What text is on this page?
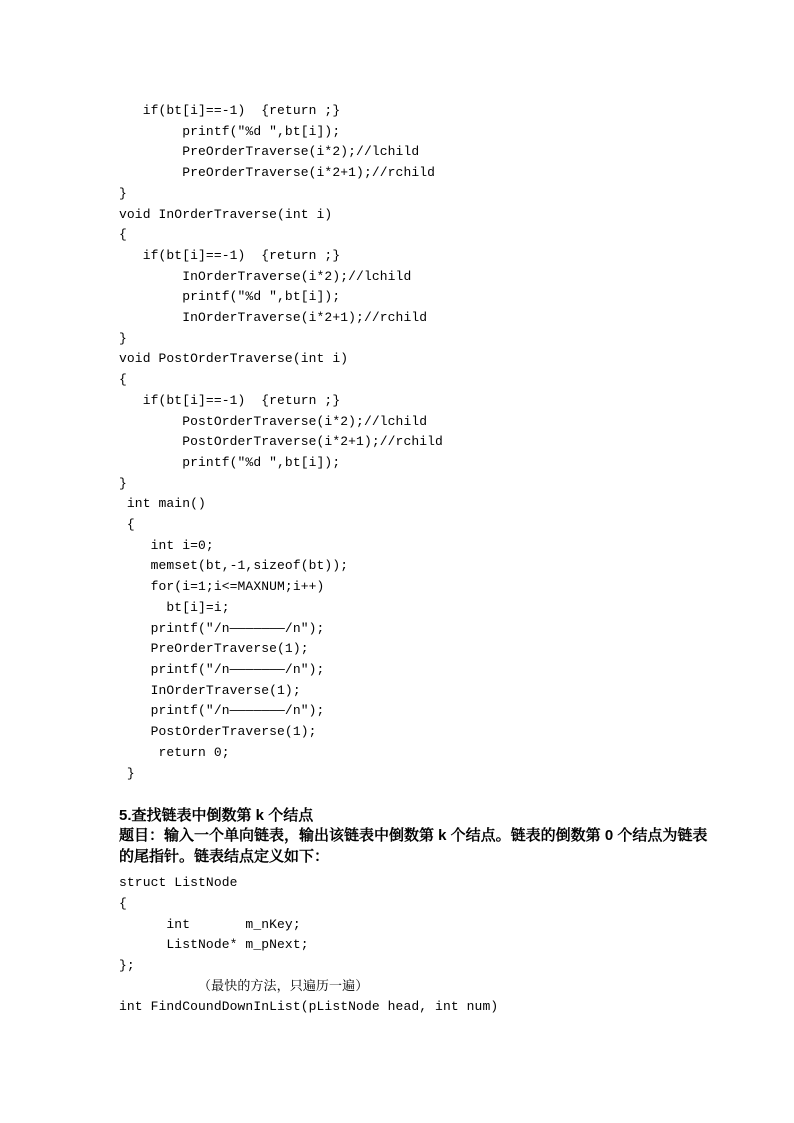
if(bt[i]==-1)  {return ;}
printf("%d ",bt[i]);
PreOrderTraverse(i*2);//lchild
PreOrderTraverse(i*2+1);//rchild
}
void InOrderTraverse(int i)
{
if(bt[i]==-1)  {return ;}
InOrderTraverse(i*2);//lchild
printf("%d ",bt[i]);
InOrderTraverse(i*2+1);//rchild
}
void PostOrderTraverse(int i)
{
if(bt[i]==-1)  {return ;}
PostOrderTraverse(i*2);//lchild
PostOrderTraverse(i*2+1);//rchild
printf("%d ",bt[i]);
}
int main()
{
int i=0;
memset(bt,-1,sizeof(bt));
for(i=1;i<=MAXNUM;i++)
bt[i]=i;
printf("/n———————/n");
PreOrderTraverse(1);
printf("/n———————/n");
InOrderTraverse(1);
printf("/n———————/n");
PostOrderTraverse(1);
return 0;
}
5.查找链表中倒数第 k 个结点
题目：输入一个单向链表，输出该链表中倒数第 k 个结点。链表的倒数第 0 个结点为链表
的尾指针。链表结点定义如下：
struct ListNode
{
int       m_nKey;
ListNode* m_pNext;
};
（最快的方法，只遍历一遍）
int FindCoundDownInList(pListNode head, int num)
